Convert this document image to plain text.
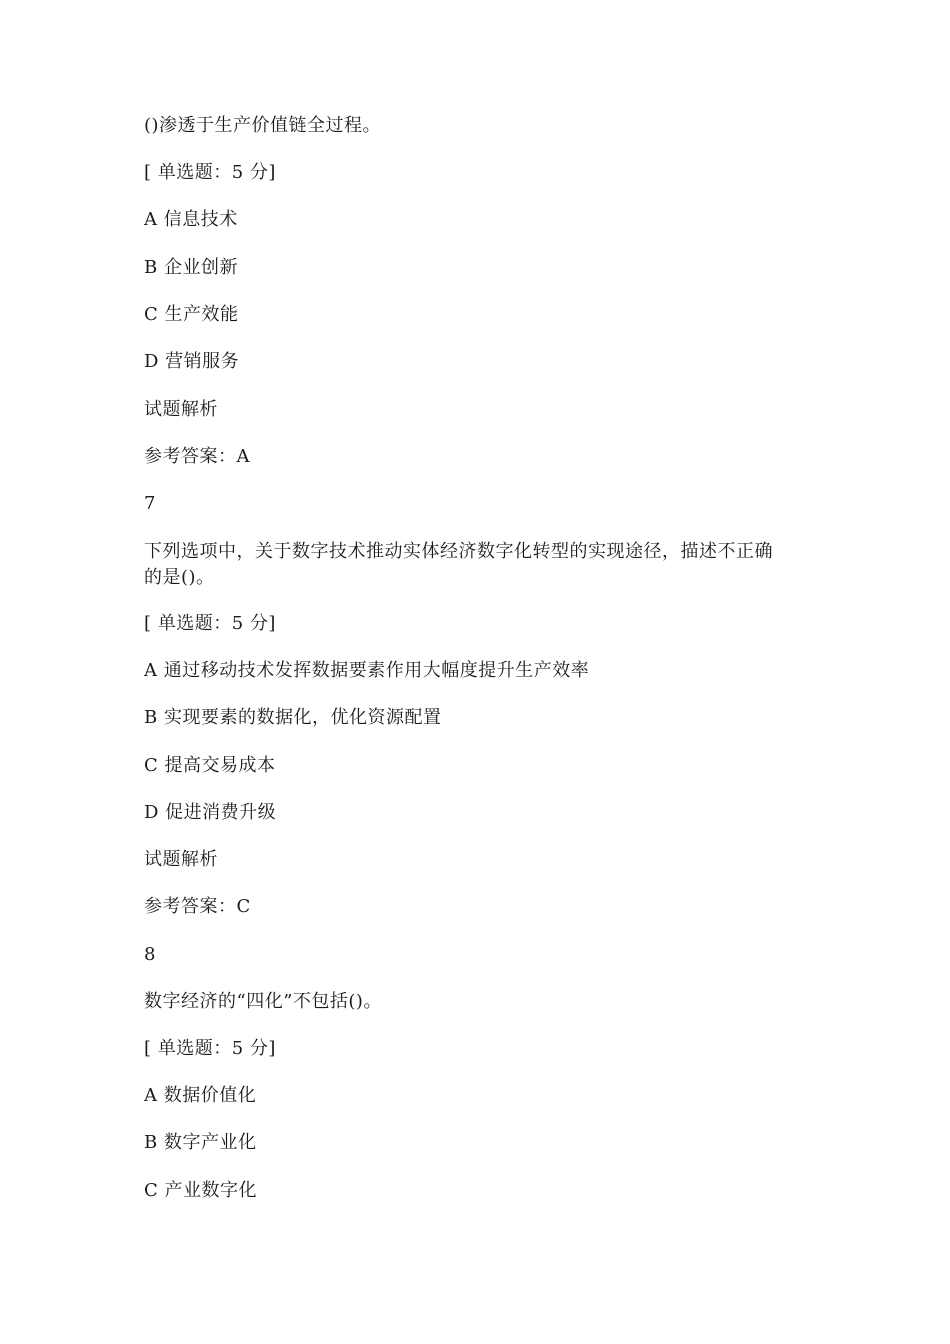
()渗透于生产价值链全过程。
[ 单选题：5 分]
A 信息技术
B 企业创新
C 生产效能
D 营销服务
试题解析
参考答案：A
7
下列选项中，关于数字技术推动实体经济数字化转型的实现途径，描述不正确
的是()。
[ 单选题：5 分]
A 通过移动技术发挥数据要素作用大幅度提升生产效率
B 实现要素的数据化，优化资源配置
C 提高交易成本
D 促进消费升级
试题解析
参考答案：C
8
数字经济的“四化”不包括()。
[ 单选题：5 分]
A 数据价值化
B 数字产业化
C 产业数字化
